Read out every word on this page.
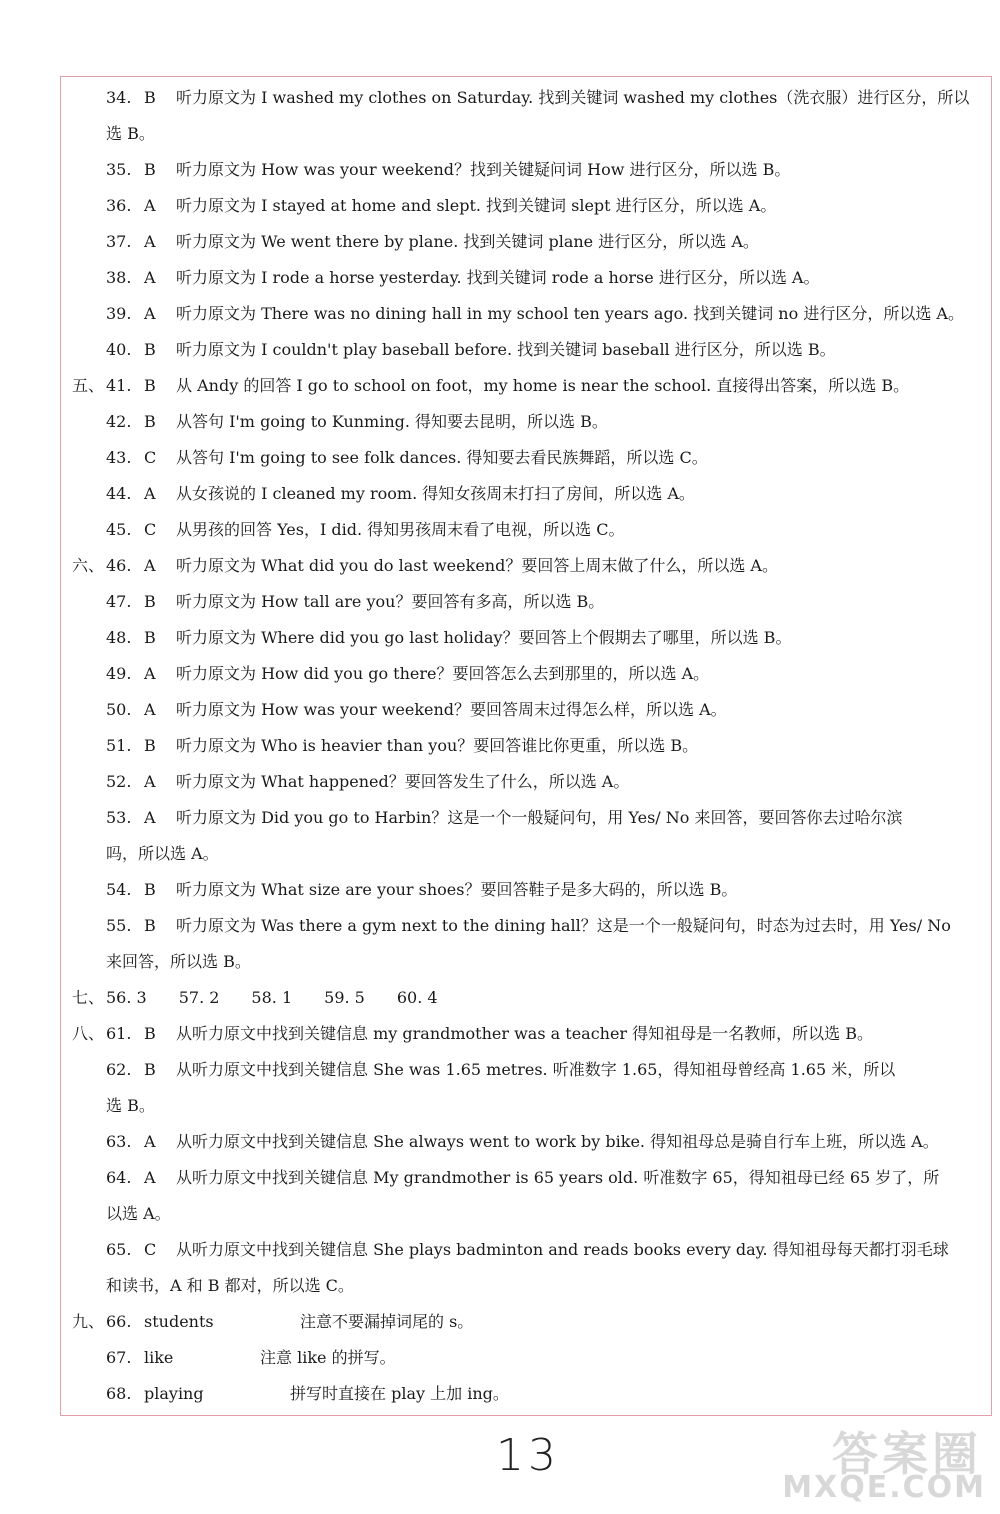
34. B 听力原文为 I washed my clothes on Saturday. 找到关键词 washed my clothes（洗衣服）进行区分，所以
选 B。
35. B 听力原文为 How was your weekend？找到关键疑问词 How 进行区分，所以选 B。
36. A 听力原文为 I stayed at home and slept. 找到关键词 slept 进行区分，所以选 A。
37. A 听力原文为 We went there by plane. 找到关键词 plane 进行区分，所以选 A。
38. A 听力原文为 I rode a horse yesterday. 找到关键词 rode a horse 进行区分，所以选 A。
39. A 听力原文为 There was no dining hall in my school ten years ago. 找到关键词 no 进行区分，所以选 A。
40. B 听力原文为 I couldn't play baseball before. 找到关键词 baseball 进行区分，所以选 B。
五、 41. B 从 Andy 的回答 I go to school on foot，my home is near the school. 直接得出答案，所以选 B。
42. B 从答句 I'm going to Kunming. 得知要去昆明，所以选 B。
43. C 从答句 I'm going to see folk dances. 得知要去看民族舞蹈，所以选 C。
44. A 从女孩说的 I cleaned my room. 得知女孩周末打扫了房间，所以选 A。
45. C 从男孩的回答 Yes，I did. 得知男孩周末看了电视，所以选 C。
六、 46. A 听力原文为 What did you do last weekend？要回答上周末做了什么，所以选 A。
47. B 听力原文为 How tall are you？要回答有多高，所以选 B。
48. B 听力原文为 Where did you go last holiday？要回答上个假期去了哪里，所以选 B。
49. A 听力原文为 How did you go there？要回答怎么去到那里的，所以选 A。
50. A 听力原文为 How was your weekend？要回答周末过得怎么样，所以选 A。
51. B 听力原文为 Who is heavier than you？要回答谁比你更重，所以选 B。
52. A 听力原文为 What happened？要回答发生了什么，所以选 A。
53. A 听力原文为 Did you go to Harbin？这是一个一般疑问句，用 Yes/ No 来回答，要回答你去过哈尔滨
吗，所以选 A。
54. B 听力原文为 What size are your shoes？要回答鞋子是多大码的，所以选 B。
55. B 听力原文为 Was there a gym next to the dining hall？这是一个一般疑问句，时态为过去时，用 Yes/ No
来回答，所以选 B。
七、 56. 3　　57. 2　　58. 1　　59. 5　　60. 4
八、 61. B 从听力原文中找到关键信息 my grandmother was a teacher 得知祖母是一名教师，所以选 B。
62. B 从听力原文中找到关键信息 She was 1.65 metres. 听准数字 1.65，得知祖母曾经高 1.65 米，所以
选 B。
63. A 从听力原文中找到关键信息 She always went to work by bike. 得知祖母总是骑自行车上班，所以选 A。
64. A 从听力原文中找到关键信息 My grandmother is 65 years old. 听准数字 65，得知祖母已经 65 岁了，所
以选 A。
65. C 从听力原文中找到关键信息 She plays badminton and reads books every day. 得知祖母每天都打羽毛球
和读书，A 和 B 都对，所以选 C。
九、 66. students	注意不要漏掉词尾的 s。
67. like	注意 like 的拼写。
68. playing	拼写时直接在 play 上加 ing。
13	答案圈
MXQE.COM
